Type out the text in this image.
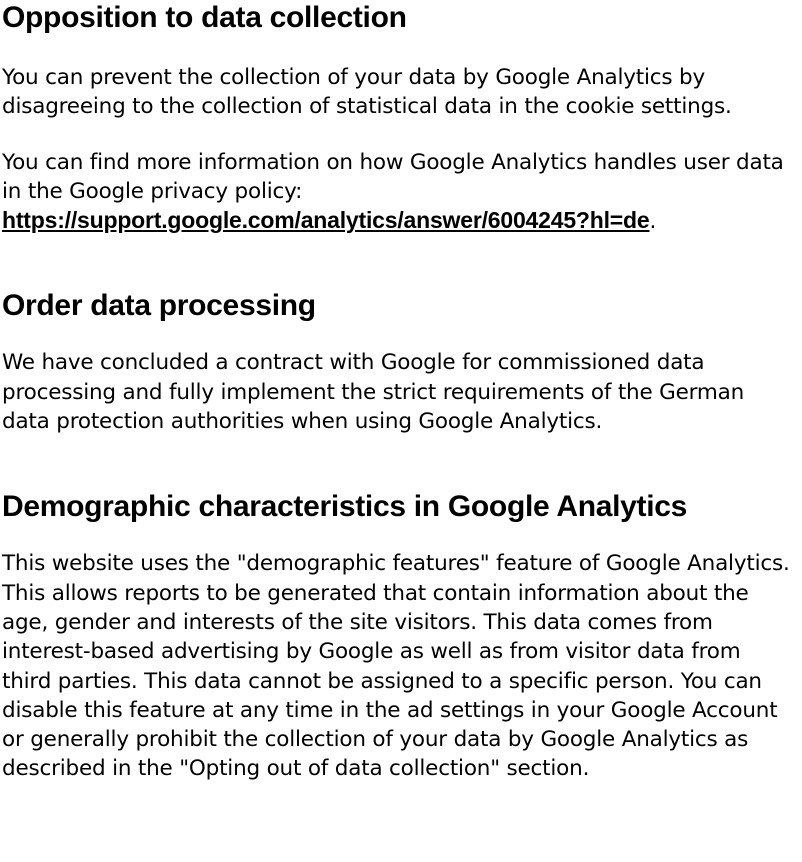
Opposition to data collection

You can prevent the collection of your data by Google Analytics by disagreeing to the collection of statistical data in the cookie settings.

You can find more information on how Google Analytics handles user data in the Google privacy policy:
https://support.google.com/analytics/answer/6004245?hl=de.

Order data processing

We have concluded a contract with Google for commissioned data processing and fully implement the strict requirements of the German data protection authorities when using Google Analytics.

Demographic characteristics in Google Analytics

This website uses the "demographic features" feature of Google Analytics. This allows reports to be generated that contain information about the age, gender and interests of the site visitors. This data comes from interest-based advertising by Google as well as from visitor data from third parties. This data cannot be assigned to a specific person. You can disable this feature at any time in the ad settings in your Google Account or generally prohibit the collection of your data by Google Analytics as described in the "Opting out of data collection" section.
